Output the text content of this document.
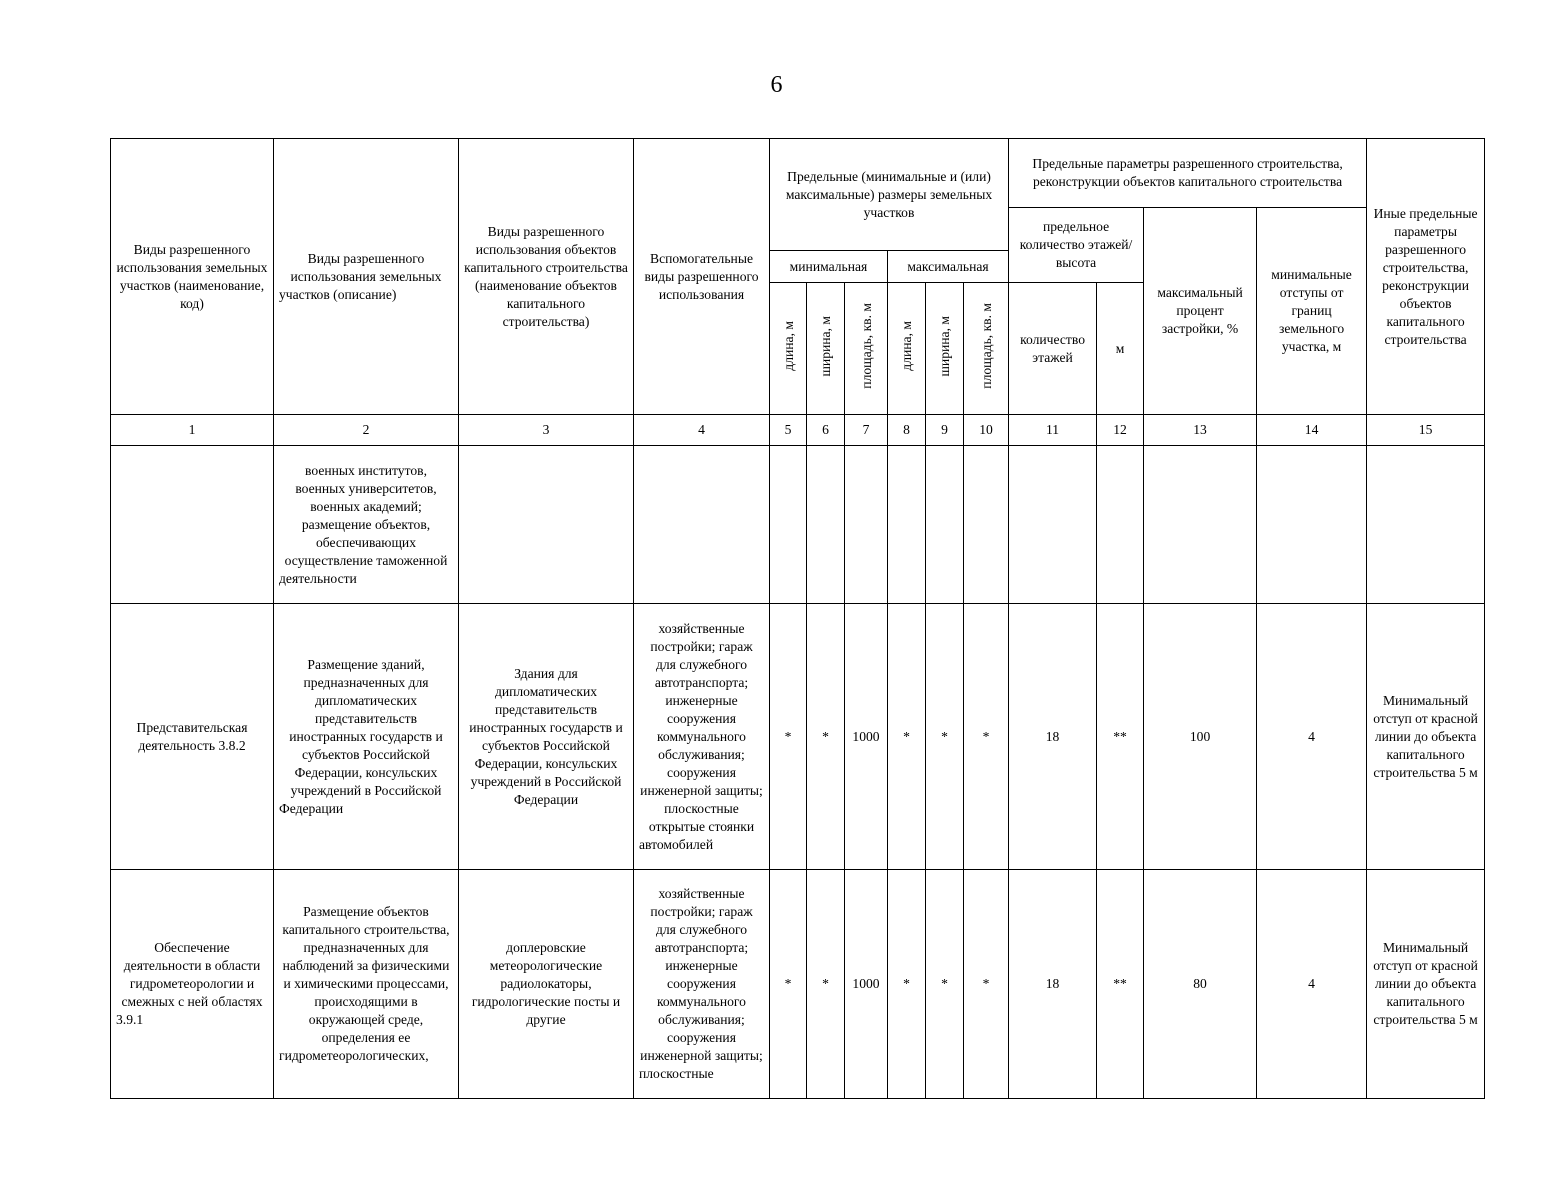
6
Виды разрешенного использования земельных участков (наименование, код)	Виды разрешенного использования земельных участков (описание)	Виды разрешенного использования объектов капитального строительства (наименование объектов капитального строительства)	Вспомогательные виды разрешенного использования	Предельные (минимальные и (или) максимальные) размеры земельных участков						Предельные параметры разрешенного строительства, реконструкции объектов капитального строительства				Иные предельные параметры разрешенного строительства, реконструкции объектов капитального строительства
										предельное количество этажей/высота		максимальный процент застройки, %	минимальные отступы от границ земельного участка, м	
				минимальная			максимальная							
				длина, м	ширина, м	площадь, кв. м	длина, м	ширина, м	площадь, кв. м	количество этажей	м			
1	2	3	4	5	6	7	8	9	10	11	12	13	14	15
	военных институтов, военных университетов, военных академий; размещение объектов, обеспечивающих осуществление таможенной деятельности													
Представительская деятельность 3.8.2	Размещение зданий, предназначенных для дипломатических представительств иностранных государств и субъектов Российской Федерации, консульских учреждений в Российской Федерации	Здания для дипломатических представительств иностранных государств и субъектов Российской Федерации, консульских учреждений в Российской Федерации	хозяйственные постройки; гараж для служебного автотранспорта; инженерные сооружения коммунального обслуживания; сооружения инженерной защиты; плоскостные открытые стоянки автомобилей	*	*	1000	*	*	*	18	**	100	4	Минимальный отступ от красной линии до объекта капитального строительства 5 м
Обеспечение деятельности в области гидрометеорологии и смежных с ней областях 3.9.1	Размещение объектов капитального строительства, предназначенных для наблюдений за физическими и химическими процессами, происходящими в окружающей среде, определения ее гидрометеорологических,	доплеровские метеорологические радиолокаторы, гидрологические посты и другие	хозяйственные постройки; гараж для служебного автотранспорта; инженерные сооружения коммунального обслуживания; сооружения инженерной защиты; плоскостные	*	*	1000	*	*	*	18	**	80	4	Минимальный отступ от красной линии до объекта капитального строительства 5 м
